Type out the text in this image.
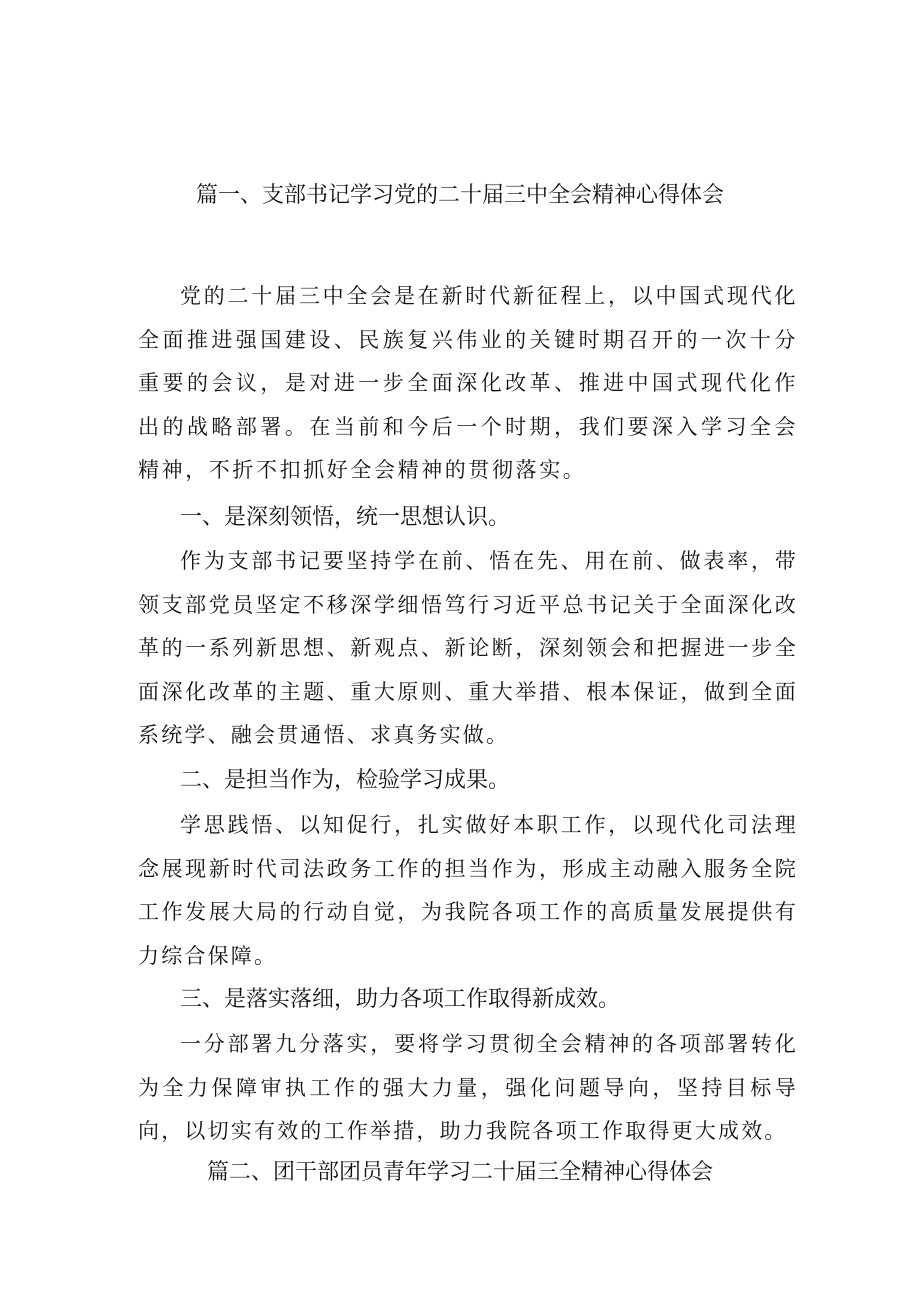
篇一、支部书记学习党的二十届三中全会精神心得体会

党的二十届三中全会是在新时代新征程上，以中国式现代化全面推进强国建设、民族复兴伟业的关键时期召开的一次十分重要的会议，是对进一步全面深化改革、推进中国式现代化作出的战略部署。在当前和今后一个时期，我们要深入学习全会精神，不折不扣抓好全会精神的贯彻落实。

一、是深刻领悟，统一思想认识。

作为支部书记要坚持学在前、悟在先、用在前、做表率，带领支部党员坚定不移深学细悟笃行习近平总书记关于全面深化改革的一系列新思想、新观点、新论断，深刻领会和把握进一步全面深化改革的主题、重大原则、重大举措、根本保证，做到全面系统学、融会贯通悟、求真务实做。

二、是担当作为，检验学习成果。

学思践悟、以知促行，扎实做好本职工作，以现代化司法理念展现新时代司法政务工作的担当作为，形成主动融入服务全院工作发展大局的行动自觉，为我院各项工作的高质量发展提供有力综合保障。

三、是落实落细，助力各项工作取得新成效。

一分部署九分落实，要将学习贯彻全会精神的各项部署转化为全力保障审执工作的强大力量，强化问题导向，坚持目标导向，以切实有效的工作举措，助力我院各项工作取得更大成效。

篇二、团干部团员青年学习二十届三全精神心得体会
